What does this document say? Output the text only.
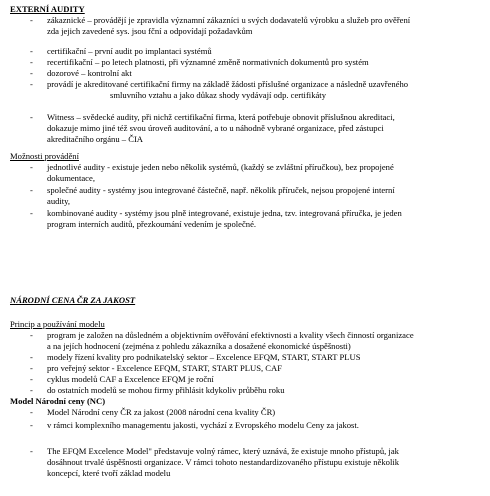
EXTERNÍ AUDITY
- zákaznické – provádějí je zpravidla významní zákazníci u svých dodavatelů výrobku a služeb pro ověření
zda jejich zavedené sys. jsou fční a odpovídají požadavkům
- certifikační – první audit po implantaci systémů
- recertifikační – po letech platnosti, při významné změně normativních dokumentů pro systém
- dozorové – kontrolní akt
- provádí je akreditované certifikační firmy na základě žádosti příslušné organizace a následně uzavřeného
smluvního vztahu a jako důkaz shody vydávají odp. certifikáty
- Witness – svědecké audity, při nichž certifikační firma, která potřebuje obnovit příslušnou akreditaci,
dokazuje mimo jiné též svou úroveň auditování, a to u náhodně vybrané organizace, před zástupci
akreditačního orgánu – ČIA
Možnosti provádění
- jednotlivé audity - existuje jeden nebo několik systémů, (každý se zvláštní příručkou), bez propojené
dokumentace,
- společné audity - systémy jsou integrované částečně, např. několik příruček, nejsou propojené interní
audity,
- kombinované audity - systémy jsou plně integrované, existuje jedna, tzv. integrovaná příručka, je jeden
program interních auditů, přezkoumání vedením je společné.
NÁRODNÍ CENA ČR ZA JAKOST
Princip a používání modelu
- program je založen na důsledném a objektivním ověřování efektivnosti a kvality všech činností organizace
a na jejích hodnocení (zejména z pohledu zákazníka a dosažené ekonomické úspěšnosti)
- modely řízení kvality pro podnikatelský sektor – Excelence EFQM, START, START PLUS
- pro veřejný sektor - Excelence EFQM, START, START PLUS, CAF
- cyklus modelů CAF a Excelence EFQM je roční
- do ostatních modelů se mohou firmy přihlásit kdykoliv průběhu roku
Model Národní ceny (NC)
- Model Národní ceny ČR za jakost (2008 národní cena kvality ČR)
- v rámci komplexního managementu jakosti, vychází z Evropského modelu Ceny za jakost.
- The EFQM Excelence Model" představuje volný rámec, který uznává, že existuje mnoho přístupů, jak
dosáhnout trvalé úspěšnosti organizace. V rámci tohoto nestandardizovaného přístupu existuje několik
koncepcí, které tvoří základ modelu
